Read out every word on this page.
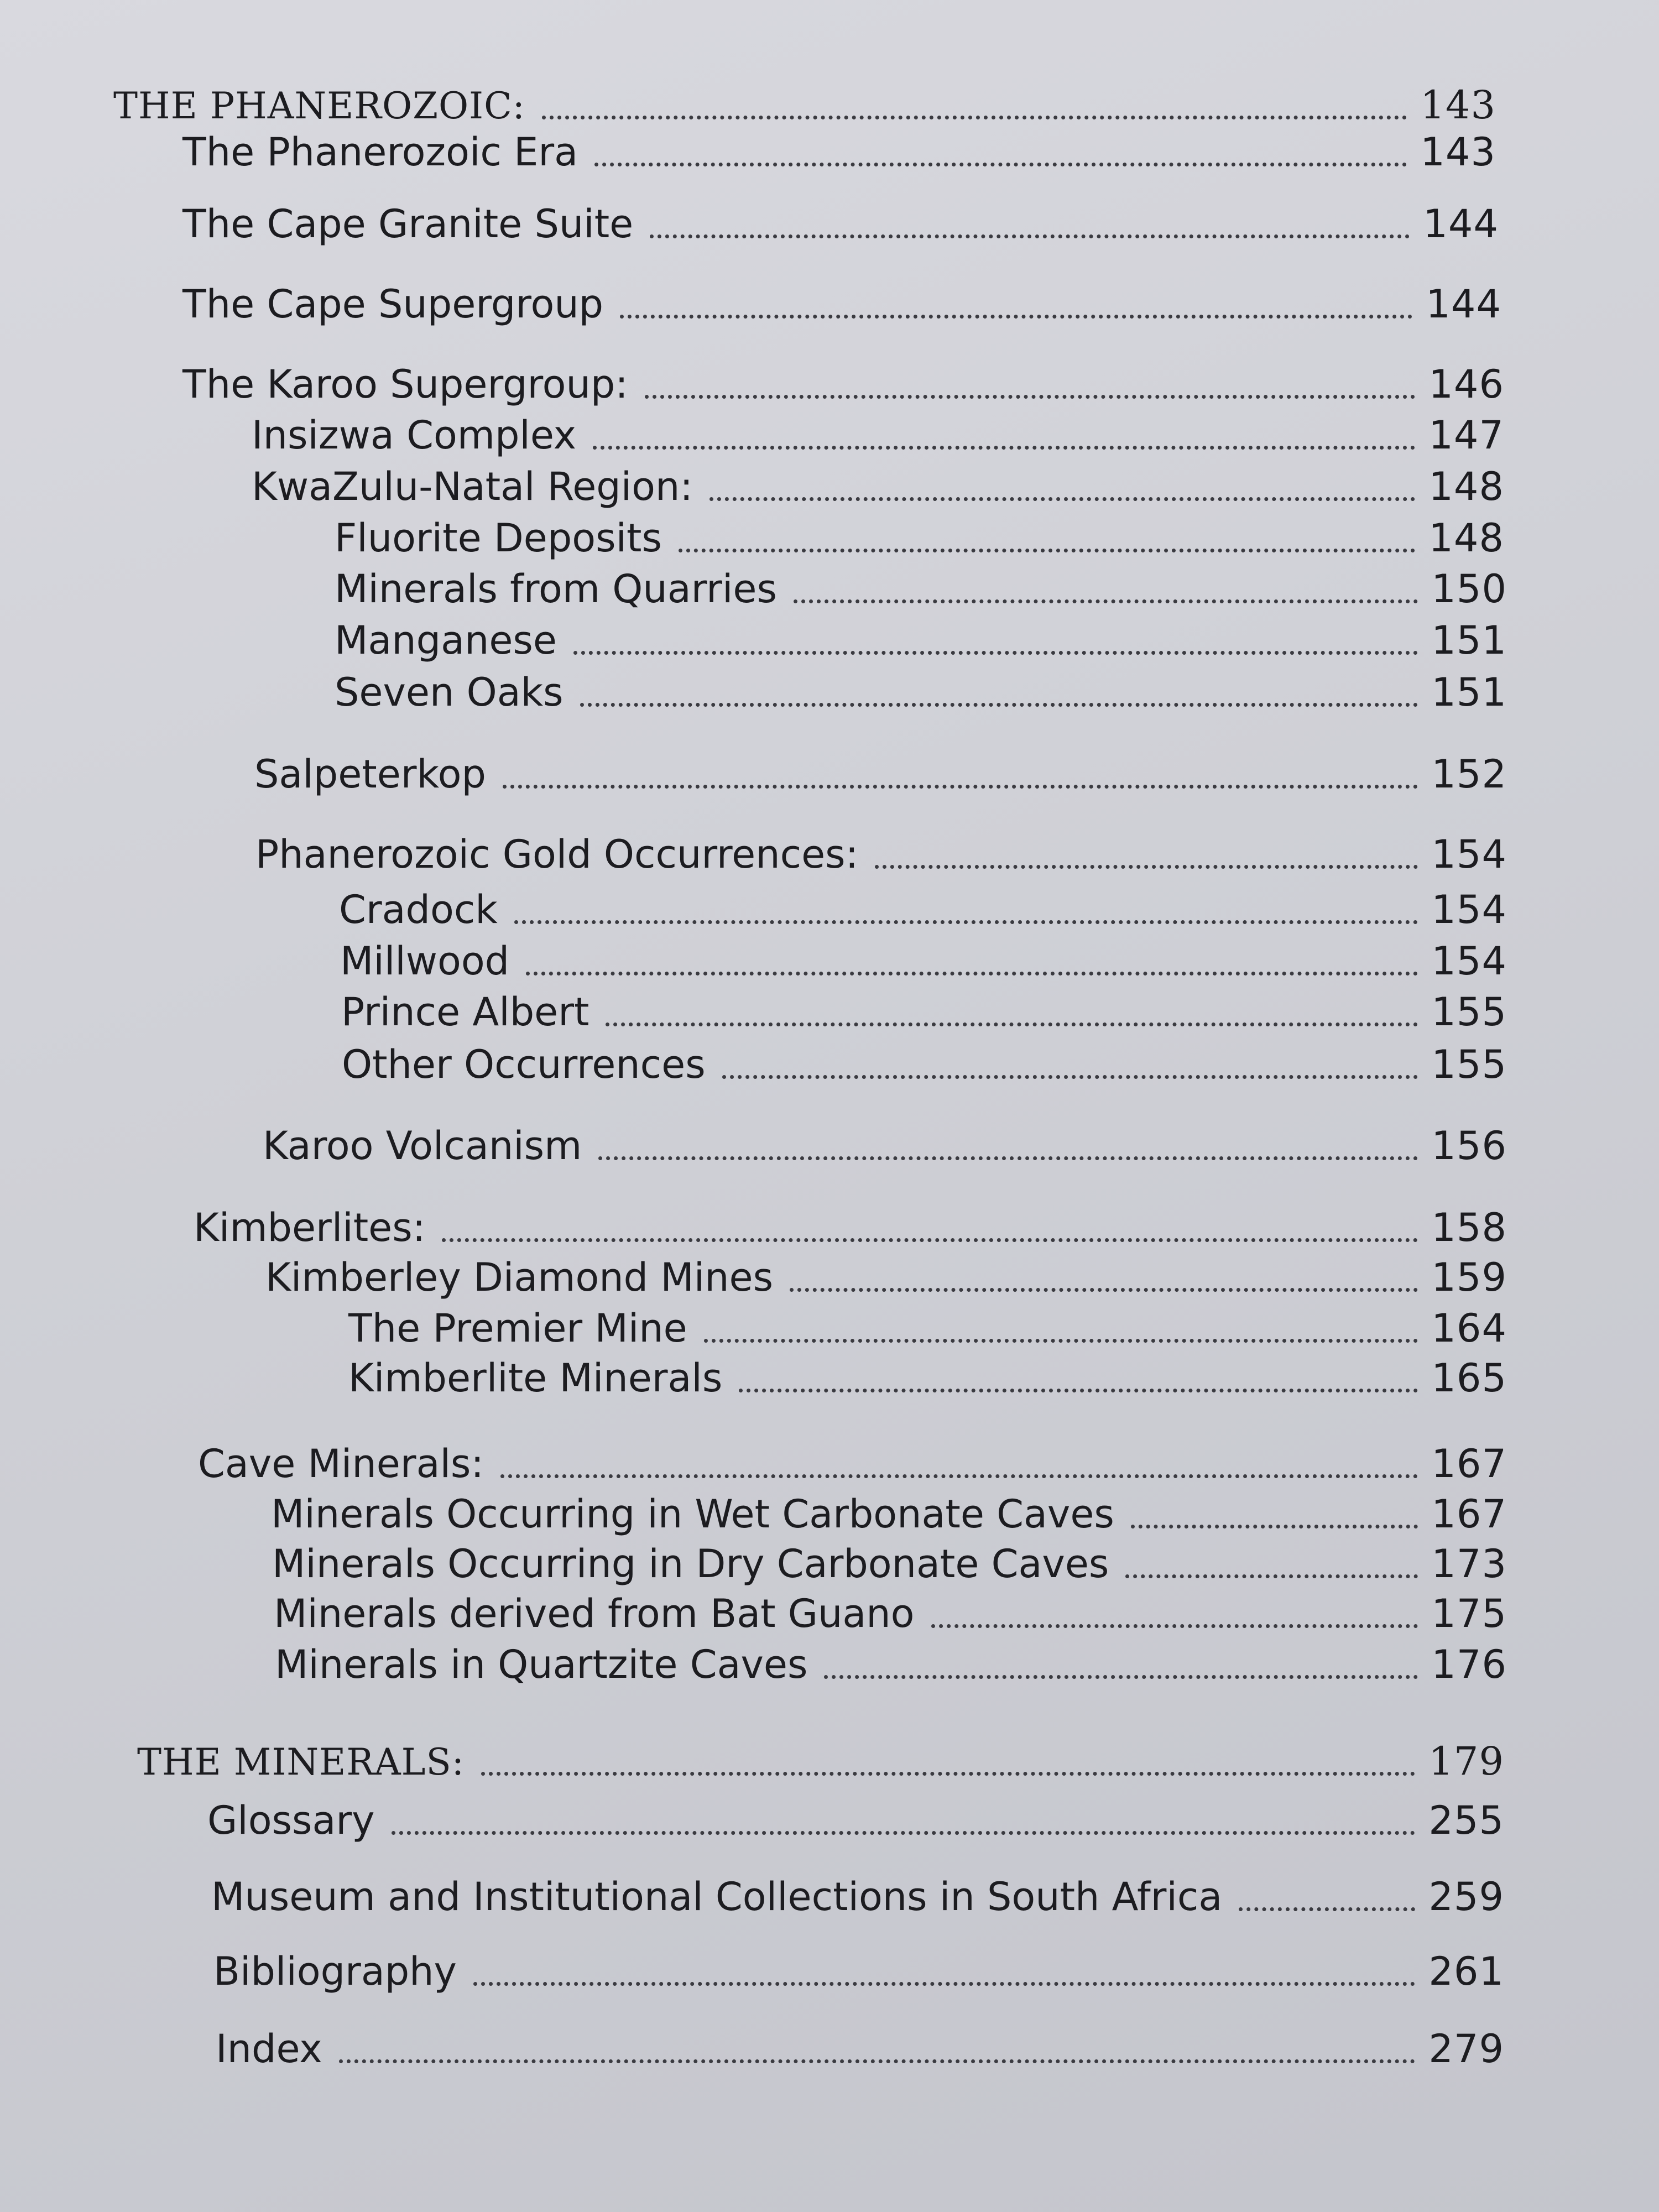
THE PHANEROZOIC:	143
The Phanerozoic Era	143
The Cape Granite Suite	144
The Cape Supergroup	144
The Karoo Supergroup:	146
Insizwa Complex	147
KwaZulu-Natal Region:	148
Fluorite Deposits	148
Minerals from Quarries	150
Manganese	151
Seven Oaks	151
Salpeterkop	152
Phanerozoic Gold Occurrences:	154
Cradock	154
Millwood	154
Prince Albert	155
Other Occurrences	155
Karoo Volcanism	156
Kimberlites:	158
Kimberley Diamond Mines	159
The Premier Mine	164
Kimberlite Minerals	165
Cave Minerals:	167
Minerals Occurring in Wet Carbonate Caves	167
Minerals Occurring in Dry Carbonate Caves	173
Minerals derived from Bat Guano	175
Minerals in Quartzite Caves	176
THE MINERALS:	179
Glossary	255
Museum and Institutional Collections in South Africa	259
Bibliography	261
Index	279
